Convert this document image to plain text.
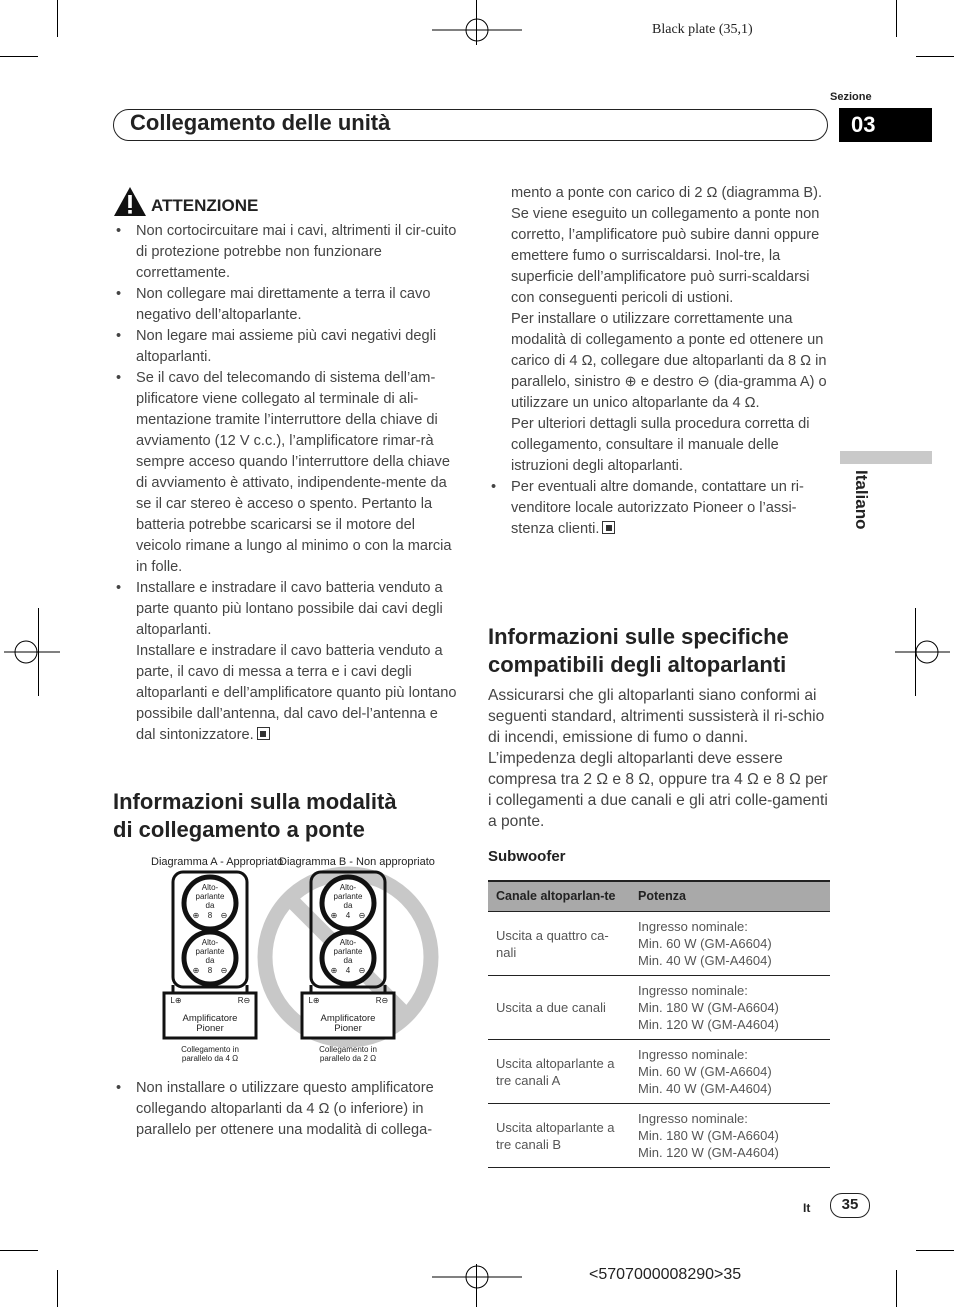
Black plate (35,1)
Collegamento delle unità
Sezione
03
Italiano
ATTENZIONE
• Non cortocircuitare mai i cavi, altrimenti il cir-cuito di protezione potrebbe non funzionare correttamente.
• Non collegare mai direttamente a terra il cavo negativo dell’altoparlante.
• Non legare mai assieme più cavi negativi degli altoparlanti.
• Se il cavo del telecomando di sistema dell’am-plificatore viene collegato al terminale di ali-mentazione tramite l’interruttore della chiave di avviamento (12 V c.c.), l’amplificatore rimar-rà sempre acceso quando l’interruttore della chiave di avviamento è attivato, indipendente-mente da se il car stereo è acceso o spento. Pertanto la batteria potrebbe scaricarsi se il motore del veicolo rimane a lungo al minimo o con la marcia in folle.
• Installare e instradare il cavo batteria venduto a parte quanto più lontano possibile dai cavi degli altoparlanti.

Installare e instradare il cavo batteria venduto a parte, il cavo di messa a terra e i cavi degli altoparlanti e dell’amplificatore quanto più lontano possibile dall’antenna, dal cavo del-l’antenna e dal sintonizzatore.

Informazioni sulla modalità
di collegamento a ponte
Diagramma A - Appropriato
Diagramma B - Non appropriato
Alto-
parlante
da
⊕ 8 ⊖
Alto-
parlante
da
⊕ 8 ⊖
L⊕	R⊖
Amplificatore
Pioner
Collegamento in
parallelo da 4 Ω
Alto-
parlante
da
⊕ 4 ⊖
Alto-
parlante
da
⊕ 4 ⊖
L⊕	R⊖
Amplificatore
Pioner
Collegamento in
parallelo da 2 Ω
• Non installare o utilizzare questo amplificatore collegando altoparlanti da 4 Ω (o inferiore) in parallelo per ottenere una modalità di collega-

mento a ponte con carico di 2 Ω (diagramma B).

Se viene eseguito un collegamento a ponte non corretto, l’amplificatore può subire danni oppure emettere fumo o surriscaldarsi. Inol-tre, la superficie dell’amplificatore può surri-scaldarsi con conseguenti pericoli di ustioni.

Per installare o utilizzare correttamente una modalità di collegamento a ponte ed ottenere un carico di 4 Ω, collegare due altoparlanti da 8 Ω in parallelo, sinistro ⊕ e destro ⊖ (dia-gramma A) o utilizzare un unico altoparlante da 4 Ω.

Per ulteriori dettagli sulla procedura corretta di collegamento, consultare il manuale delle istruzioni degli altoparlanti.

• Per eventuali altre domande, contattare un ri-venditore locale autorizzato Pioneer o l’assi-stenza clienti.
Informazioni sulle specifiche
compatibili degli altoparlanti
Assicurarsi che gli altoparlanti siano conformi ai seguenti standard, altrimenti sussisterà il ri-schio di incendi, emissione di fumo o danni. L’impedenza degli altoparlanti deve essere compresa tra 2 Ω e 8 Ω, oppure tra 4 Ω e 8 Ω per i collegamenti a due canali e gli atri colle-gamenti a ponte.
Subwoofer
Canale altoparlan-te	Potenza
Uscita a quattro ca-nali	Ingresso nominale:
Min. 60 W (GM-A6604)
Min. 40 W (GM-A4604)

Uscita a due canali	Ingresso nominale:
Min. 180 W (GM-A6604)
Min. 120 W (GM-A4604)

Uscita altoparlante a tre canali A	Ingresso nominale:
Min. 60 W (GM-A6604)
Min. 40 W (GM-A4604)

Uscita altoparlante a tre canali B	Ingresso nominale:
Min. 180 W (GM-A6604)
Min. 120 W (GM-A4604)
It	35
<5707000008290>35
